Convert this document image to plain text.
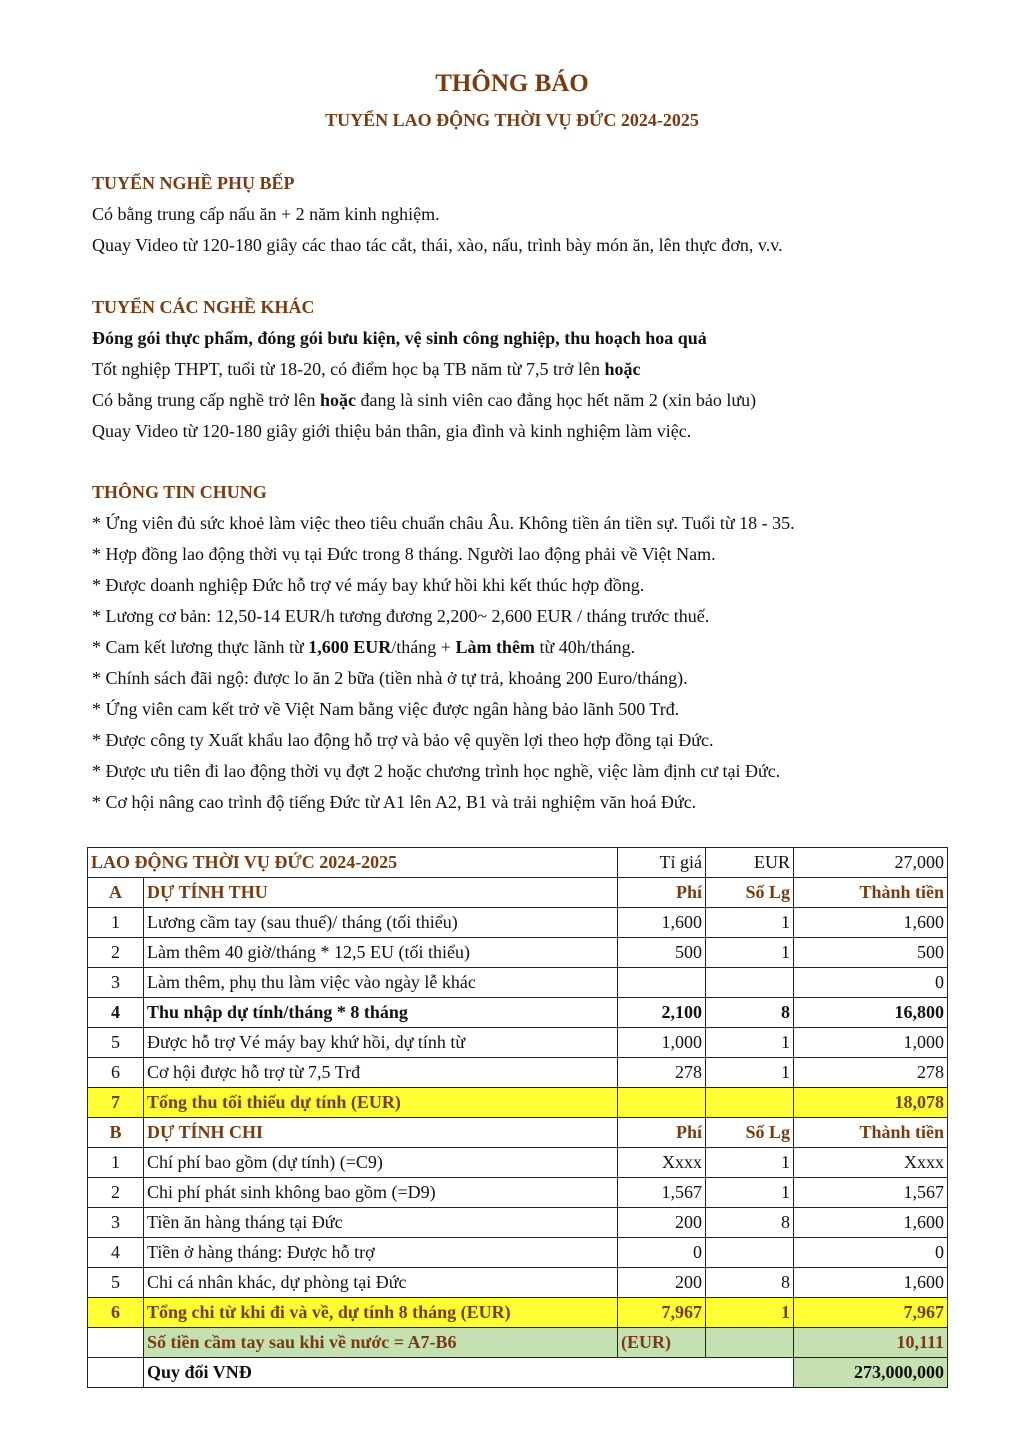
THÔNG BÁO
TUYỂN LAO ĐỘNG THỜI VỤ ĐỨC 2024-2025
TUYỂN NGHỀ PHỤ BẾP
Có bằng trung cấp nấu ăn + 2 năm kinh nghiệm.
Quay Video từ 120-180 giây các thao tác cắt, thái, xào, nấu, trình bày món ăn, lên thực đơn, v.v.
TUYỂN CÁC NGHỀ KHÁC
Đóng gói thực phẩm, đóng gói bưu kiện, vệ sinh công nghiệp, thu hoạch hoa quả
Tốt nghiệp THPT, tuổi từ 18-20, có điểm học bạ TB năm từ 7,5 trở lên hoặc
Có bằng trung cấp nghề trở lên hoặc đang là sinh viên cao đẳng học hết năm 2 (xin bảo lưu)
Quay Video từ 120-180 giây giới thiệu bản thân, gia đình và kinh nghiệm làm việc.
THÔNG TIN CHUNG
* Ứng viên đủ sức khoẻ làm việc theo tiêu chuẩn châu Âu. Không tiền án tiền sự. Tuổi từ 18 - 35.
* Hợp đồng lao động thời vụ tại Đức trong 8 tháng. Người lao động phải về Việt Nam.
* Được doanh nghiệp Đức hỗ trợ vé máy bay khứ hồi khi kết thúc hợp đồng.
* Lương cơ bản: 12,50-14 EUR/h tương đương 2,200~ 2,600 EUR / tháng trước thuế.
* Cam kết lương thực lãnh từ 1,600 EUR/tháng + Làm thêm từ 40h/tháng.
* Chính sách đãi ngộ: được lo ăn 2 bữa (tiền nhà ở tự trả, khoảng 200 Euro/tháng).
* Ứng viên cam kết trở về Việt Nam bằng việc được ngân hàng bảo lãnh 500 Trđ.
* Được công ty Xuất khẩu lao động hỗ trợ và bảo vệ quyền lợi theo hợp đồng tại Đức.
* Được ưu tiên đi lao động thời vụ đợt 2 hoặc chương trình học nghề, việc làm định cư tại Đức.
* Cơ hội nâng cao trình độ tiếng Đức từ A1 lên A2, B1 và trải nghiệm văn hoá Đức.
LAO ĐỘNG THỜI VỤ ĐỨC 2024-2025		Tỉ giá	EUR	27,000
A	DỰ TÍNH THU	Phí	Số Lg	Thành tiền
1	Lương cầm tay (sau thuế)/ tháng (tối thiểu)	1,600	1	1,600
2	Làm thêm 40 giờ/tháng * 12,5 EU (tối thiểu)	500	1	500
3	Làm thêm, phụ thu làm việc vào ngày lễ khác			0
4	Thu nhập dự tính/tháng * 8 tháng	2,100	8	16,800
5	Được hỗ trợ Vé máy bay khứ hồi, dự tính từ	1,000	1	1,000
6	Cơ hội được hỗ trợ từ 7,5 Trđ	278	1	278
7	Tổng thu tối thiểu dự tính (EUR)			18,078
B	DỰ TÍNH CHI	Phí	Số Lg	Thành tiền
1	Chí phí bao gồm (dự tính) (=C9)	Xxxx	1	Xxxx
2	Chi phí phát sinh không bao gồm (=D9)	1,567	1	1,567
3	Tiền ăn hàng tháng tại Đức	200	8	1,600
4	Tiền ở hàng tháng: Được hỗ trợ	0		0
5	Chi cá nhân khác, dự phòng tại Đức	200	8	1,600
6	Tổng chi từ khi đi và về, dự tính 8 tháng (EUR)	7,967	1	7,967
	Số tiền cầm tay sau khi về nước = A7-B6	(EUR)		10,111
	Quy đổi VNĐ			273,000,000
